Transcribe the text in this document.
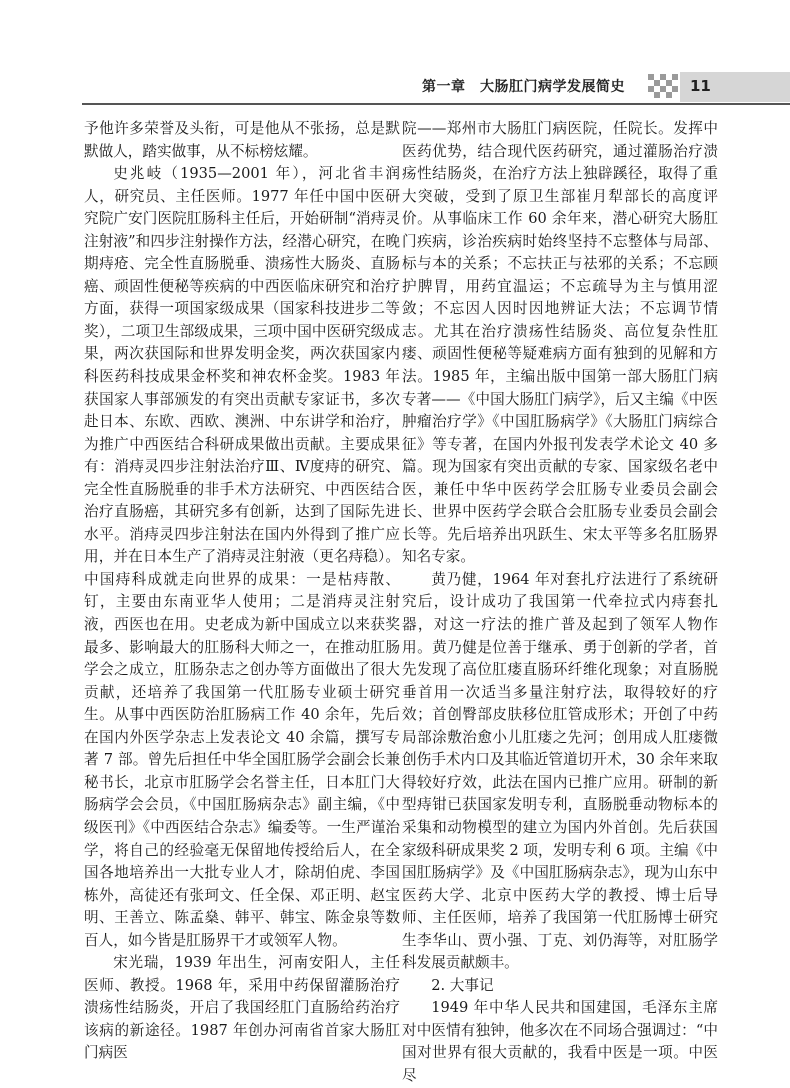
第一章　大肠肛门病学发展简史	11

予他许多荣誉及头衔，可是他从不张扬，总是默默做人，踏实做事，从不标榜炫耀。

史兆岐（1935—2001 年），河北省丰润人，研究员、主任医师。1977 年任中国中医研究院广安门医院肛肠科主任后，开始研制“消痔灵注射液”和四步注射操作方法，经潜心研究，在晚期痔疮、完全性直肠脱垂、溃疡性大肠炎、直肠癌、顽固性便秘等疾病的中西医临床研究和治疗方面，获得一项国家级成果（国家科技进步二等奖），二项卫生部级成果，三项中国中医研究级成果，两次获国际和世界发明金奖，两次获国家内科医药科技成果金杯奖和神农杯金奖。1983 年获国家人事部颁发的有突出贡献专家证书，多次赴日本、东欧、西欧、澳洲、中东讲学和治疗，为推广中西医结合科研成果做出贡献。主要成果有：消痔灵四步注射法治疗Ⅲ、Ⅳ度痔的研究、完全性直肠脱垂的非手术方法研究、中西医结合治疗直肠癌，其研究多有创新，达到了国际先进水平。消痔灵四步注射法在国内外得到了推广应用，并在日本生产了消痔灵注射液（更名痔稳）。中国痔科成就走向世界的成果：一是枯痔散、钉，主要由东南亚华人使用；二是消痔灵注射液，西医也在用。史老成为新中国成立以来获奖最多、影响最大的肛肠科大师之一，在推动肛肠学会之成立，肛肠杂志之创办等方面做出了很大贡献，还培养了我国第一代肛肠专业硕士研究生。从事中西医防治肛肠病工作 40 余年，先后在国内外医学杂志上发表论文 40 余篇，撰写专著 7 部。曾先后担任中华全国肛肠学会副会长兼秘书长，北京市肛肠学会名誉主任，日本肛门大肠病学会会员，《中国肛肠病杂志》副主编，《中级医刊》《中西医结合杂志》编委等。一生严谨治学，将自己的经验毫无保留地传授给后人，在全国各地培养出一大批专业人才，除胡伯虎、李国栋外，高徒还有张珂文、任全保、邓正明、赵宝明、王善立、陈孟燊、韩平、韩宝、陈金泉等数百人，如今皆是肛肠界干才或领军人物。

宋光瑞，1939 年出生，河南安阳人，主任医师、教授。1968 年，采用中药保留灌肠治疗溃疡性结肠炎，开启了我国经肛门直肠给药治疗该病的新途径。1987 年创办河南省首家大肠肛门病医

院——郑州市大肠肛门病医院，任院长。发挥中医药优势，结合现代医药研究，通过灌肠治疗溃疡性结肠炎，在治疗方法上独辟蹊径，取得了重大突破，受到了原卫生部崔月犁部长的高度评价。从事临床工作 60 余年来，潜心研究大肠肛门疾病，诊治疾病时始终坚持不忘整体与局部、标与本的关系；不忘扶正与祛邪的关系；不忘顾护脾胃，用药宜温运；不忘疏导为主与慎用涩敛；不忘因人因时因地辨证大法；不忘调节情志。尤其在治疗溃疡性结肠炎、高位复杂性肛瘘、顽固性便秘等疑难病方面有独到的见解和方法。1985 年，主编出版中国第一部大肠肛门病专著——《中国大肠肛门病学》，后又主编《中医肿瘤治疗学》《中国肛肠病学》《大肠肛门病综合征》等专著，在国内外报刊发表学术论文 40 多篇。现为国家有突出贡献的专家、国家级名老中医，兼任中华中医药学会肛肠专业委员会副会长、世界中医药学会联合会肛肠专业委员会副会长等。先后培养出巩跃生、宋太平等多名肛肠界知名专家。

黄乃健，1964 年对套扎疗法进行了系统研究后，设计成功了我国第一代牵拉式内痔套扎器，对这一疗法的推广普及起到了领军人物作用。黄乃健是位善于继承、勇于创新的学者，首先发现了高位肛瘘直肠环纤维化现象；对直肠脱垂首用一次适当多量注射疗法，取得较好的疗效；首创臀部皮肤移位肛管成形术；开创了中药局部涂敷治愈小儿肛瘘之先河；创用成人肛瘘微创伤手术内口及其临近管道切开术，30 余年来取得较好疗效，此法在国内已推广应用。研制的新型痔钳已获国家发明专利，直肠脱垂动物标本的采集和动物模型的建立为国内外首创。先后获国家级科研成果奖 2 项，发明专利 6 项。主编《中国肛肠病学》及《中国肛肠病杂志》，现为山东中医药大学、北京中医药大学的教授、博士后导师、主任医师，培养了我国第一代肛肠博士研究生李华山、贾小强、丁克、刘仍海等，对肛肠学科发展贡献颇丰。

2. 大事记

1949 年中华人民共和国建国，毛泽东主席对中医情有独钟，他多次在不同场合强调过：“中国对世界有很大贡献的，我看中医是一项。中医尽
